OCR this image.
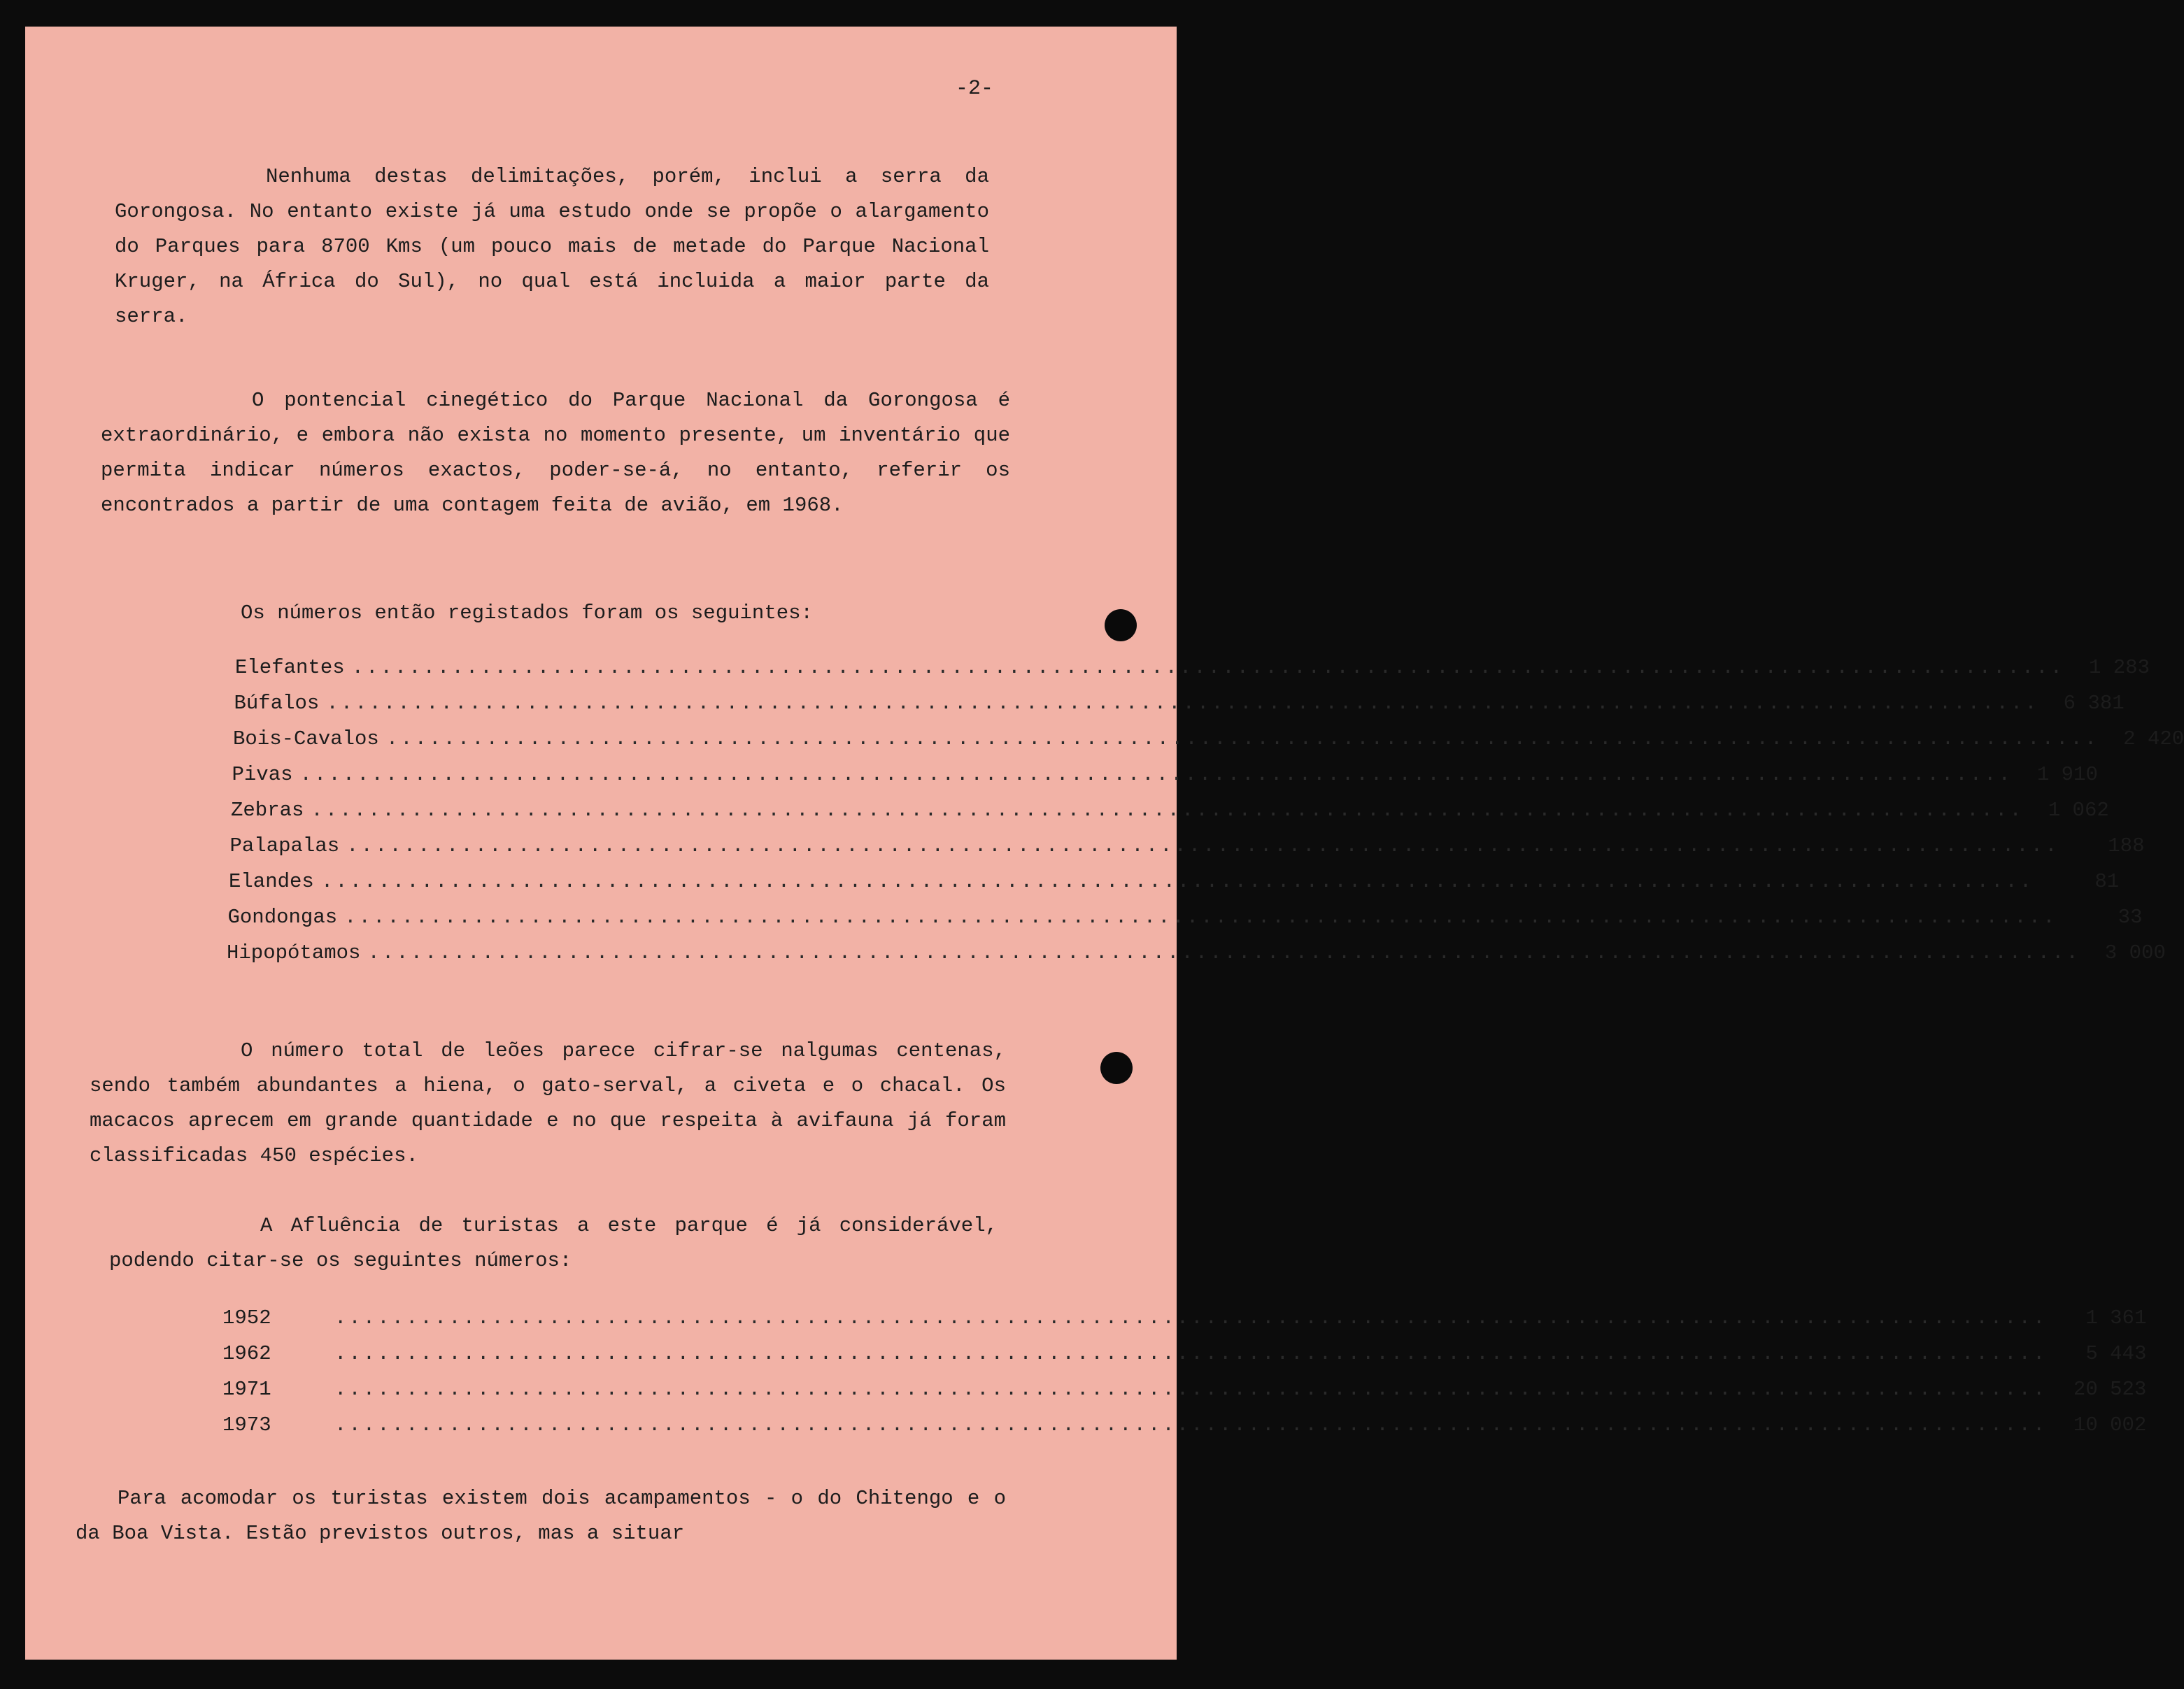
-2-

Nenhuma destas delimitações, porém, inclui a serra da Gorongosa. No entanto existe já uma estudo onde se propõe o alargamento do Parques para 8700 Kms (um pouco mais de metade do Parque Nacional Kruger, na África do Sul), no qual está incluida a maior parte da serra.

O pontencial cinegético do Parque Nacional da Gorongosa é extraordinário, e embora não exista no momento presente, um inventário que permita indicar números exactos, poder-se-á, no entanto, referir os encontrados a partir de uma contagem feita de avião, em 1968.

Os números então registados foram os seguintes:
Elefantes ........................................................................................................................	1 283
Búfalos ........................................................................................................................	6 381
Bois-Cavalos ........................................................................................................................	2 420
Pivas ........................................................................................................................	1 910
Zebras ........................................................................................................................	1 062
Palapalas ........................................................................................................................	188
Elandes ........................................................................................................................	81
Gondongas ........................................................................................................................	33
Hipopótamos ........................................................................................................................	3 000

O número total de leões parece cifrar-se nalgumas centenas, sendo também abundantes a hiena, o gato-serval, a civeta e o chacal. Os macacos aprecem em grande quantidade e no que respeita à avifauna já foram classificadas 450 espécies.

A Afluência de turistas a este parque é já considerável, podendo citar-se os seguintes números:

1952	........................................................................................................................	1 361
1962	........................................................................................................................	5 443
1971	........................................................................................................................	20 523
1973	........................................................................................................................	10 002

Para acomodar os turistas existem dois acampamentos - o do Chitengo e o da Boa Vista. Estão previstos outros, mas a situar
